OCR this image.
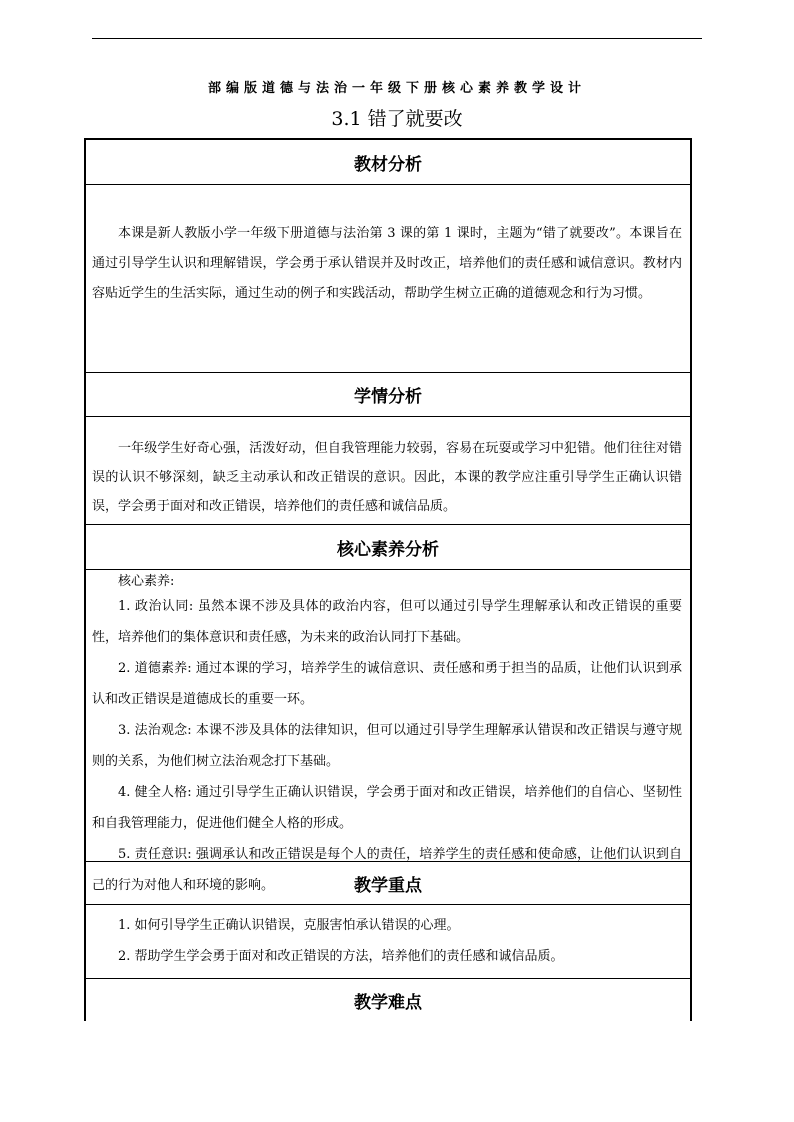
部编版道德与法治一年级下册核心素养教学设计
3.1 错了就要改
教材分析

本课是新人教版小学一年级下册道德与法治第 3 课的第 1 课时，主题为“错了就要改”。本课旨在通过引导学生认识和理解错误，学会勇于承认错误并及时改正，培养他们的责任感和诚信意识。教材内容贴近学生的生活实际，通过生动的例子和实践活动，帮助学生树立正确的道德观念和行为习惯。

学情分析

一年级学生好奇心强，活泼好动，但自我管理能力较弱，容易在玩耍或学习中犯错。他们往往对错误的认识不够深刻，缺乏主动承认和改正错误的意识。因此，本课的教学应注重引导学生正确认识错误，学会勇于面对和改正错误，培养他们的责任感和诚信品质。

核心素养分析

核心素养:

1. 政治认同: 虽然本课不涉及具体的政治内容，但可以通过引导学生理解承认和改正错误的重要性，培养他们的集体意识和责任感，为未来的政治认同打下基础。

2. 道德素养: 通过本课的学习，培养学生的诚信意识、责任感和勇于担当的品质，让他们认识到承认和改正错误是道德成长的重要一环。

3. 法治观念: 本课不涉及具体的法律知识，但可以通过引导学生理解承认错误和改正错误与遵守规则的关系，为他们树立法治观念打下基础。

4. 健全人格: 通过引导学生正确认识错误，学会勇于面对和改正错误，培养他们的自信心、坚韧性和自我管理能力，促进他们健全人格的形成。

5. 责任意识: 强调承认和改正错误是每个人的责任，培养学生的责任感和使命感，让他们认识到自己的行为对他人和环境的影响。	教学重点

1. 如何引导学生正确认识错误，克服害怕承认错误的心理。

2. 帮助学生学会勇于面对和改正错误的方法，培养他们的责任感和诚信品质。

教学难点
